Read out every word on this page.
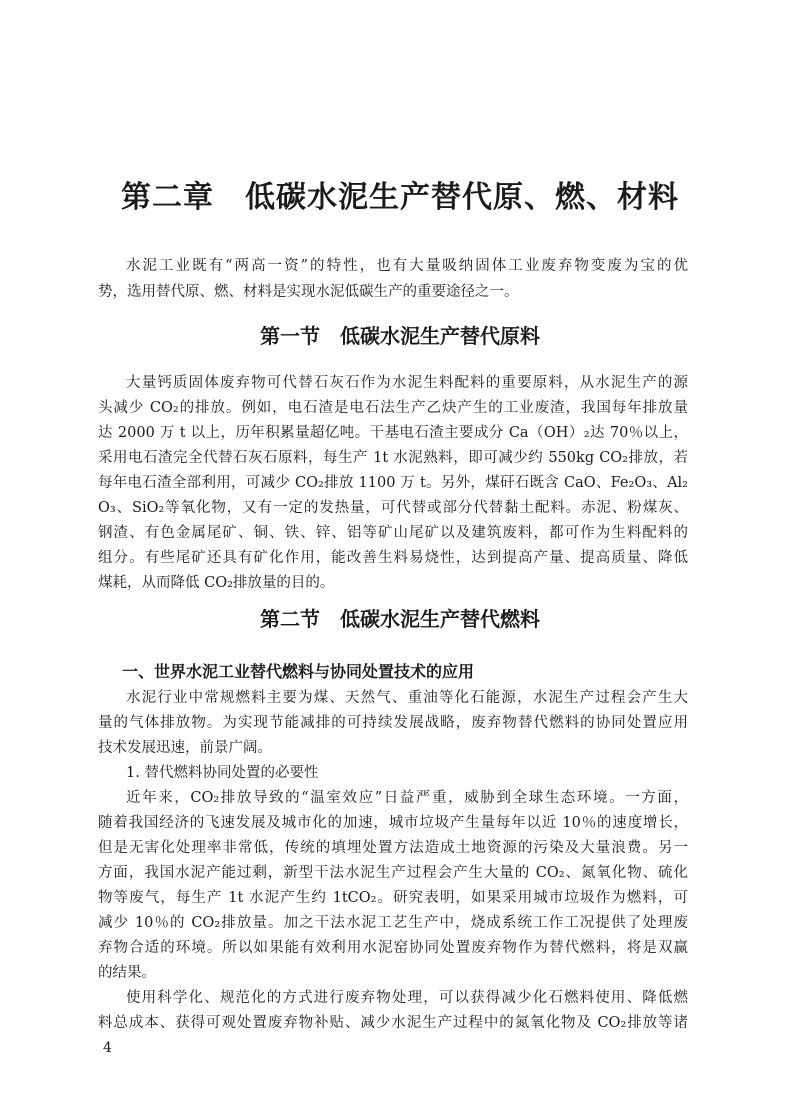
第二章　低碳水泥生产替代原、燃、材料
水泥工业既有“两高一资”的特性，也有大量吸纳固体工业废弃物变废为宝的优
势，选用替代原、燃、材料是实现水泥低碳生产的重要途径之一。
第一节　低碳水泥生产替代原料
大量钙质固体废弃物可代替石灰石作为水泥生料配料的重要原料，从水泥生产的源
头减少 CO₂的排放。例如，电石渣是电石法生产乙炔产生的工业废渣，我国每年排放量
达 2000 万 t 以上，历年积累量超亿吨。干基电石渣主要成分 Ca（OH）₂达 70％以上，
采用电石渣完全代替石灰石原料，每生产 1t 水泥熟料，即可减少约 550kg CO₂排放，若
每年电石渣全部利用，可减少 CO₂排放 1100 万 t。另外，煤矸石既含 CaO、Fe₂O₃、Al₂
O₃、SiO₂等氧化物，又有一定的发热量，可代替或部分代替黏土配料。赤泥、粉煤灰、
钢渣、有色金属尾矿、铜、铁、锌、铝等矿山尾矿以及建筑废料，都可作为生料配料的
组分。有些尾矿还具有矿化作用，能改善生料易烧性，达到提高产量、提高质量、降低
煤耗，从而降低 CO₂排放量的目的。
第二节　低碳水泥生产替代燃料
一、世界水泥工业替代燃料与协同处置技术的应用
水泥行业中常规燃料主要为煤、天然气、重油等化石能源，水泥生产过程会产生大
量的气体排放物。为实现节能减排的可持续发展战略，废弃物替代燃料的协同处置应用
技术发展迅速，前景广阔。
1. 替代燃料协同处置的必要性
近年来，CO₂排放导致的“温室效应”日益严重，威胁到全球生态环境。一方面，
随着我国经济的飞速发展及城市化的加速，城市垃圾产生量每年以近 10％的速度增长，
但是无害化处理率非常低，传统的填埋处置方法造成土地资源的污染及大量浪费。另一
方面，我国水泥产能过剩，新型干法水泥生产过程会产生大量的 CO₂、氮氧化物、硫化
物等废气，每生产 1t 水泥产生约 1tCO₂。研究表明，如果采用城市垃圾作为燃料，可
减少 10％的 CO₂排放量。加之干法水泥工艺生产中，烧成系统工作工况提供了处理废
弃物合适的环境。所以如果能有效利用水泥窑协同处置废弃物作为替代燃料，将是双赢
的结果。
使用科学化、规范化的方式进行废弃物处理，可以获得减少化石燃料使用、降低燃
料总成本、获得可观处置废弃物补贴、减少水泥生产过程中的氮氧化物及 CO₂排放等诸
4
